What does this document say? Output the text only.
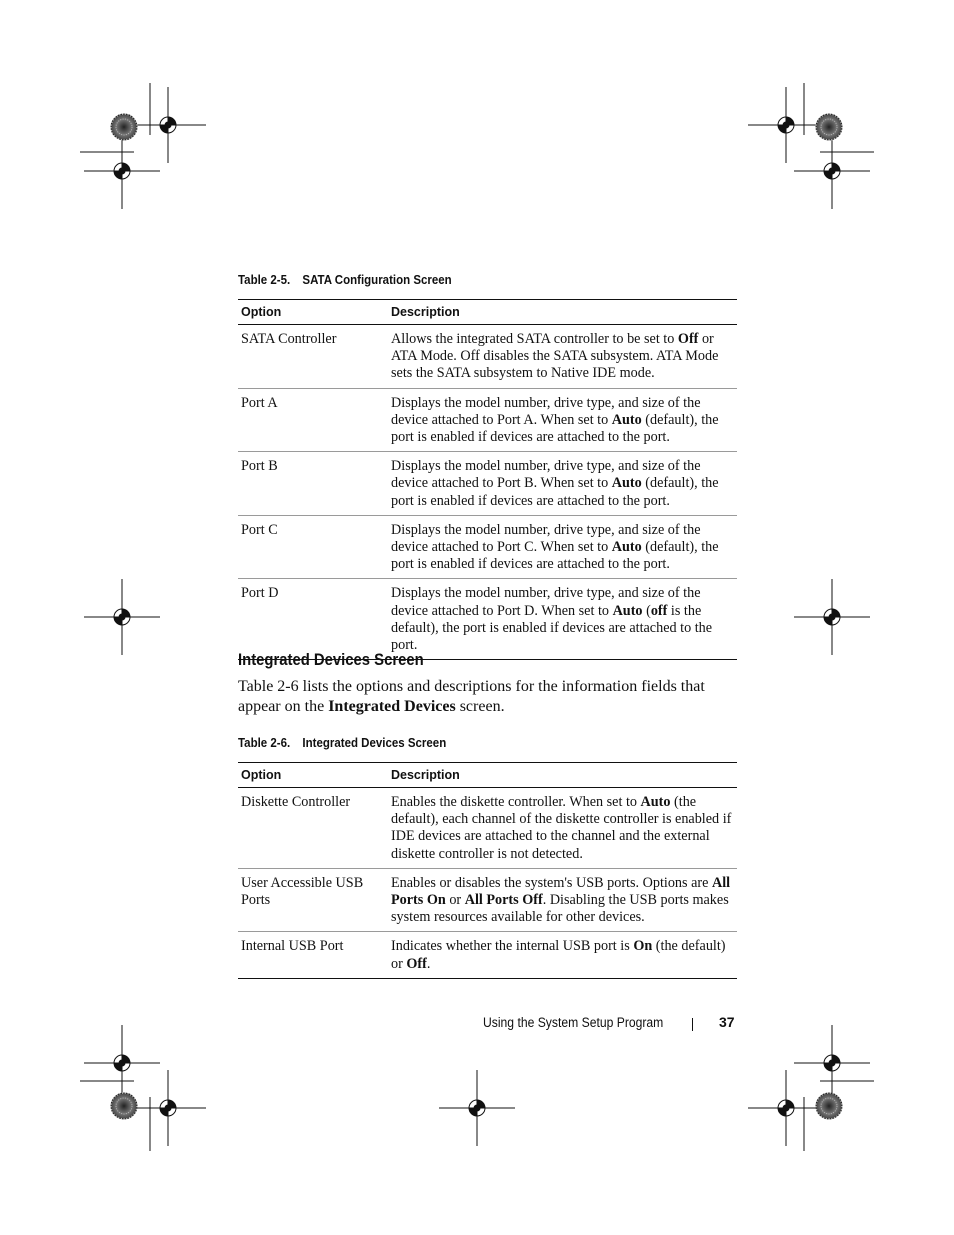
Table 2-5. SATA Configuration Screen
Option	Description
SATA Controller	Allows the integrated SATA controller to be set to Off or ATA Mode. Off disables the SATA subsystem. ATA Mode sets the SATA subsystem to Native IDE mode.
Port A	Displays the model number, drive type, and size of the device attached to Port A. When set to Auto (default), the port is enabled if devices are attached to the port.
Port B	Displays the model number, drive type, and size of the device attached to Port B. When set to Auto (default), the port is enabled if devices are attached to the port.
Port C	Displays the model number, drive type, and size of the device attached to Port C. When set to Auto (default), the port is enabled if devices are attached to the port.
Port D	Displays the model number, drive type, and size of the device attached to Port D. When set to Auto (off is the default), the port is enabled if devices are attached to the port.
Integrated Devices Screen
Table 2-6 lists the options and descriptions for the information fields that appear on the Integrated Devices screen.
Table 2-6. Integrated Devices Screen
Option	Description
Diskette Controller	Enables the diskette controller. When set to Auto (the default), each channel of the diskette controller is enabled if IDE devices are attached to the channel and the external diskette controller is not detected.
User Accessible USB Ports	Enables or disables the system's USB ports. Options are All Ports On or All Ports Off. Disabling the USB ports makes system resources available for other devices.
Internal USB Port	Indicates whether the internal USB port is On (the default) or Off.
Using the System Setup Program	37
